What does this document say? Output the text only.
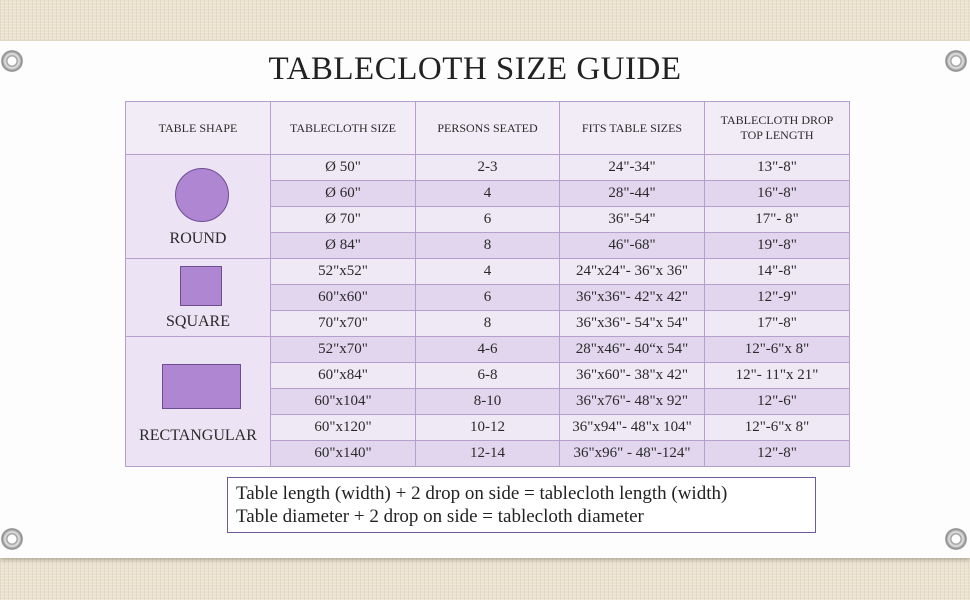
TABLECLOTH SIZE GUIDE
TABLE SHAPE	TABLECLOTH SIZE	PERSONS SEATED	FITS TABLE SIZES	TABLECLOTH DROP TOP LENGTH

ROUND	Ø 50"	2-3	24"-34"	13"-8"
	Ø 60"	4	28"-44"	16"-8"
	Ø 70"	6	36"-54"	17"- 8"
	Ø 84"	8	46"-68"	19"-8"

SQUARE	52"x52"	4	24"x24"- 36"x 36"	14"-8"
	60"x60"	6	36"x36"- 42"x 42"	12"-9"
	70"x70"	8	36"x36"- 54"x 54"	17"-8"

RECTANGULAR	52"x70"	4-6	28"x46"- 40“x 54"	12"-6"x 8"
	60"x84"	6-8	36"x60"- 38"x 42"	12"- 11"x 21"
	60"x104"	8-10	36"x76"- 48"x 92"	12"-6"
	60"x120"	10-12	36"x94"- 48"x 104"	12"-6"x 8"
	60"x140"	12-14	36"x96" - 48"-124"	12"-8"
Table length (width) + 2 drop on side = tablecloth length (width)
Table diameter + 2 drop on side = tablecloth diameter
